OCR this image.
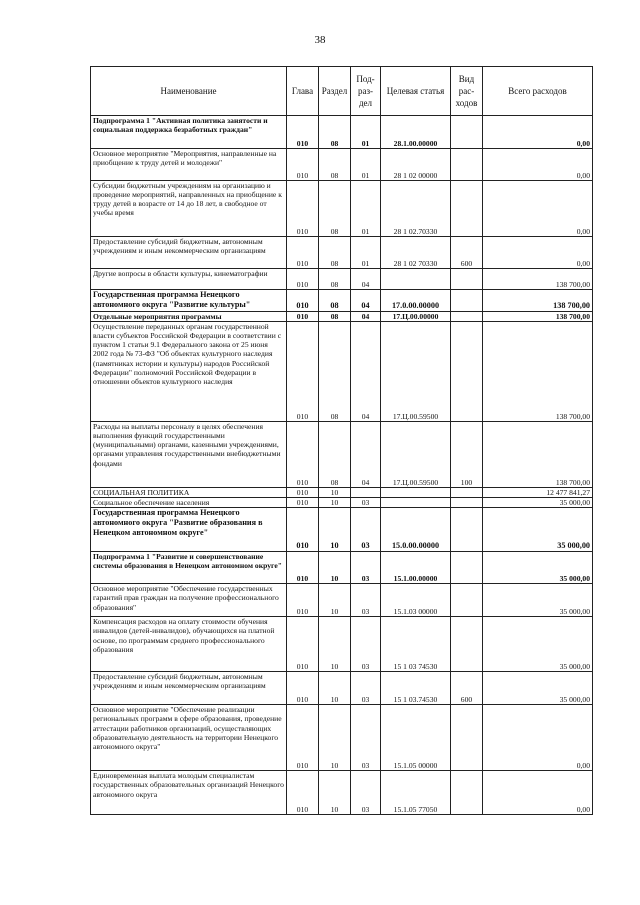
38
Наименование	Глава	Раздел	Под-раз-дел	Целевая статья	Вид рас-ходов	Всего расходов
Подпрограмма 1 "Активная политика занятости и социальная поддержка безработных граждан"	010	08	01	28.1.00.00000		0,00
Основное мероприятие "Мероприятия, направленные на приобщение к труду детей и молодежи"	010	08	01	28 1 02 00000		0,00
Субсидии бюджетным учреждениям на организацию и проведение мероприятий, направленных на приобщение к труду детей в возрасте от 14 до 18 лет, в свободное от учебы время	010	08	01	28 1 02.70330		0,00
Предоставление субсидий бюджетным, автономным учреждениям и иным некоммерческим организациям	010	08	01	28 1 02 70330	600	0,00
Другие вопросы в области культуры, кинематографии	010	08	04			138 700,00
Государственная программа Ненецкого автономного округа "Развитие культуры"	010	08	04	17.0.00.00000		138 700,00
Отдельные мероприятия программы	010	08	04	17.Ц.00.00000		138 700,00
Осуществление переданных органам государственной власти субъектов Российской Федерации в соответствии с пунктом 1 статьи 9.1 Федерального закона от 25 июня 2002 года № 73-ФЗ "Об объектах культурного наследия (памятниках истории и культуры) народов Российской Федерации" полномочий Российской Федерации в отношении объектов культурного наследия	010	08	04	17.Ц.00.59500		138 700,00
Расходы на выплаты персоналу в целях обеспечения выполнения функций государственными (муниципальными) органами, казенными учреждениями, органами управления государственными внебюджетными фондами	010	08	04	17.Ц.00.59500	100	138 700,00
СОЦИАЛЬНАЯ ПОЛИТИКА	010	10				12 477 841,27
Социальное обеспечение населения	010	10	03			35 000,00
Государственная программа Ненецкого автономного округа "Развитие образования в Ненецком автономном округе"	010	10	03	15.0.00.00000		35 000,00
Подпрограмма 1 "Развитие и совершенствование системы образования в Ненецком автономном округе"	010	10	03	15.1.00.00000		35 000,00
Основное мероприятие "Обеспечение государственных гарантий прав граждан на получение профессионального образования"	010	10	03	15.1.03 00000		35 000,00
Компенсация расходов на оплату стоимости обучения инвалидов (детей-инвалидов), обучающихся на платной основе, по программам среднего профессионального образования	010	10	03	15 1 03 74530		35 000,00
Предоставление субсидий бюджетным, автономным учреждениям и иным некоммерческим организациям	010	10	03	15 1 03.74530	600	35 000,00
Основное мероприятие "Обеспечение реализации региональных программ в сфере образования, проведение аттестации работников организаций, осуществляющих образовательную деятельность на территории Ненецкого автономного округа"	010	10	03	15.1.05 00000		0,00
Единовременная выплата молодым специалистам государственных образовательных организаций Ненецкого автономного округа	010	10	03	15.1.05 77050		0,00
